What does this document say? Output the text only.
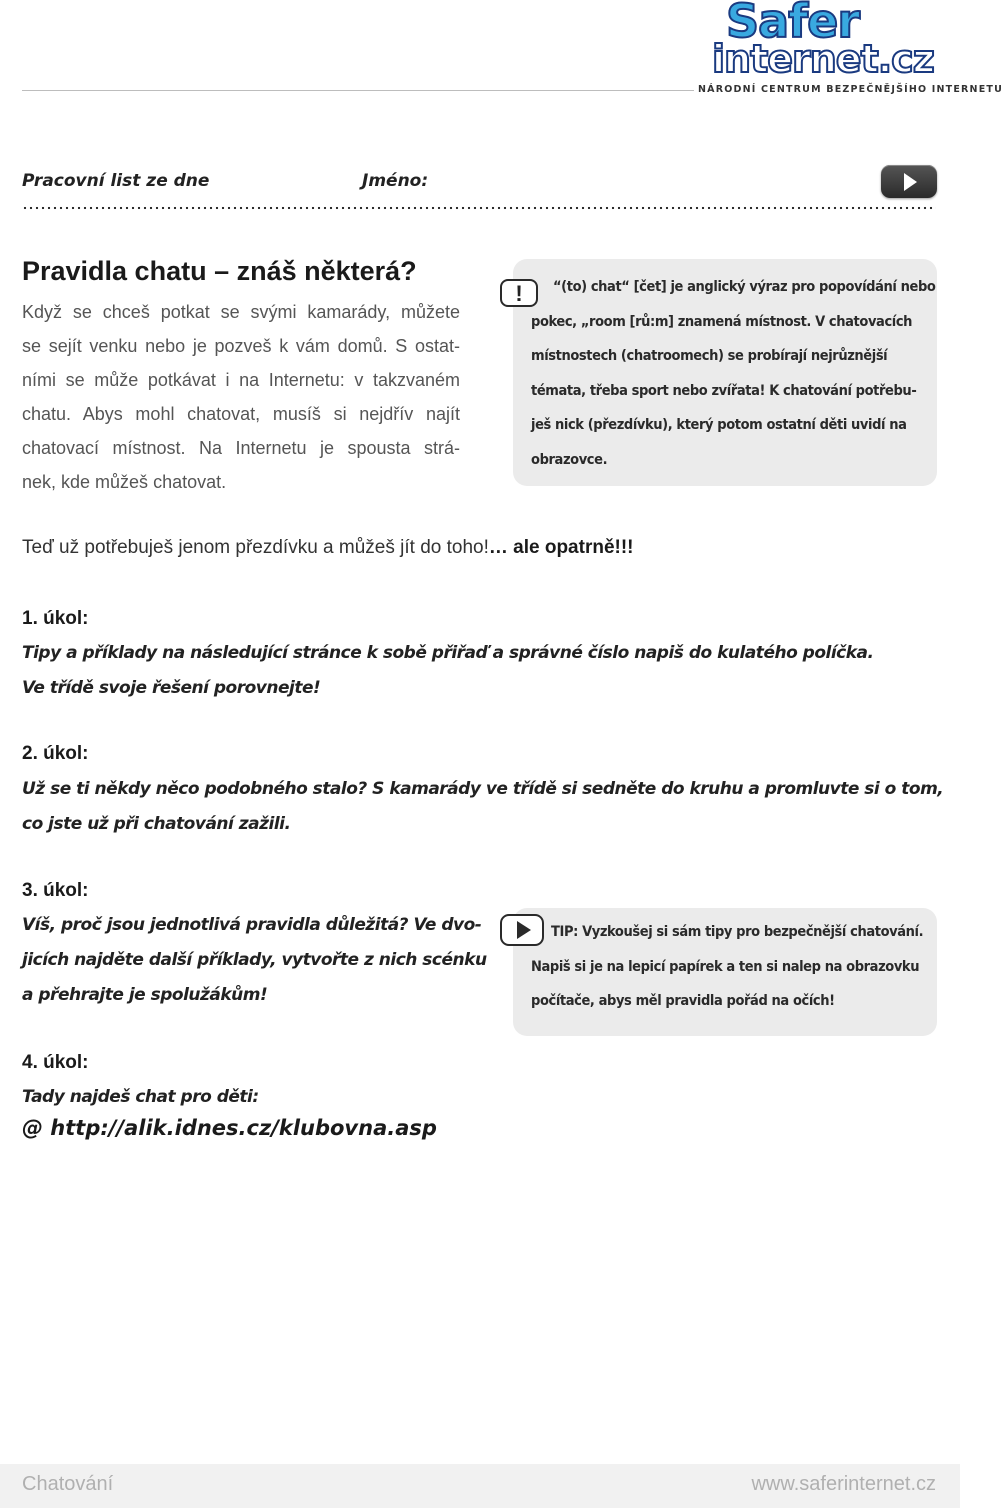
Safer
internet.cz
NÁRODNÍ CENTRUM BEZPEČNĚJŠÍHO INTERNETU
Pracovní list ze dne	Jméno:
Pravidla chatu – znáš některá?
Když se chceš potkat se svými kamarády, můžete
se sejít venku nebo je pozveš k vám domů. S ostat-
ními se může potkávat i na Internetu: v takzvaném
chatu. Abys mohl chatovat, musíš si nejdřív najít
chatovací místnost. Na Internetu je spousta strá-
nek, kde můžeš chatovat.
!	“(to) chat“ [čet] je anglický výraz pro popovídání nebo
pokec, „room [rů:m] znamená místnost. V chatovacích
místnostech (chatroomech) se probírají nejrůznější
témata, třeba sport nebo zvířata! K chatování potřebu-
ješ nick (přezdívku), který potom ostatní děti uvidí na
obrazovce.
Teď už potřebuješ jenom přezdívku a můžeš jít do toho!… ale opatrně!!!
1. úkol:
Tipy a příklady na následující stránce k sobě přiřaď a správné číslo napiš do kulatého políčka.
Ve třídě svoje řešení porovnejte!
2. úkol:
Už se ti někdy něco podobného stalo? S kamarády ve třídě si sedněte do kruhu a promluvte si o tom,
co jste už při chatování zažili.
3. úkol:
Víš, proč jsou jednotlivá pravidla důležitá? Ve dvo-
jicích najděte další příklady, vytvořte z nich scénku
a přehrajte je spolužákům!
TIP: Vyzkoušej si sám tipy pro bezpečnější chatování.
Napiš si je na lepicí papírek a ten si nalep na obrazovku
počítače, abys měl pravidla pořád na očích!
4. úkol:
Tady najdeš chat pro děti:
@ http://alik.idnes.cz/klubovna.asp
Chatování	www.saferinternet.cz
